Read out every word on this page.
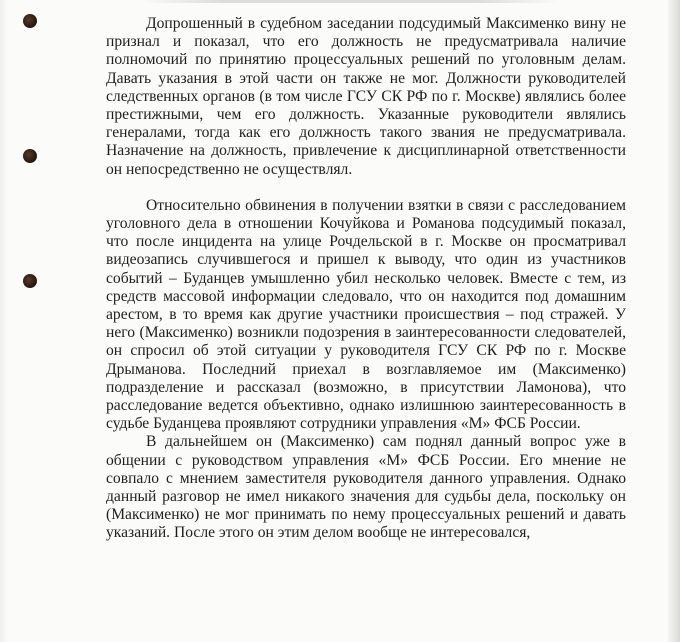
Допрошенный в судебном заседании подсудимый Максименко вину не признал и показал, что его должность не предусматривала наличие полномочий по принятию процессуальных решений по уголовным делам. Давать указания в этой части он также не мог. Должности руководителей следственных органов (в том числе ГСУ СК РФ по г. Москве) являлись более престижными, чем его должность. Указанные руководители являлись генералами, тогда как его должность такого звания не предусматривала. Назначение на должность, привлечение к дисциплинарной ответственности он непосредственно не осуществлял.

Относительно обвинения в получении взятки в связи с расследованием уголовного дела в отношении Кочуйкова и Романова подсудимый показал, что после инцидента на улице Рочдельской в г. Москве он просматривал видеозапись случившегося и пришел к выводу, что один из участников событий – Буданцев умышленно убил несколько человек. Вместе с тем, из средств массовой информации следовало, что он находится под домашним арестом, в то время как другие участники происшествия – под стражей. У него (Максименко) возникли подозрения в заинтересованности следователей, он спросил об этой ситуации у руководителя ГСУ СК РФ по г. Москве Дрыманова. Последний приехал в возглавляемое им (Максименко) подразделение и рассказал (возможно, в присутствии Ламонова), что расследование ведется объективно, однако излишнюю заинтересованность в судьбе Буданцева проявляют сотрудники управления «М» ФСБ России.

В дальнейшем он (Максименко) сам поднял данный вопрос уже в общении с руководством управления «М» ФСБ России. Его мнение не совпало с мнением заместителя руководителя данного управления. Однако данный разговор не имел никакого значения для судьбы дела, поскольку он (Максименко) не мог принимать по нему процессуальных решений и давать указаний. После этого он этим делом вообще не интересовался,
